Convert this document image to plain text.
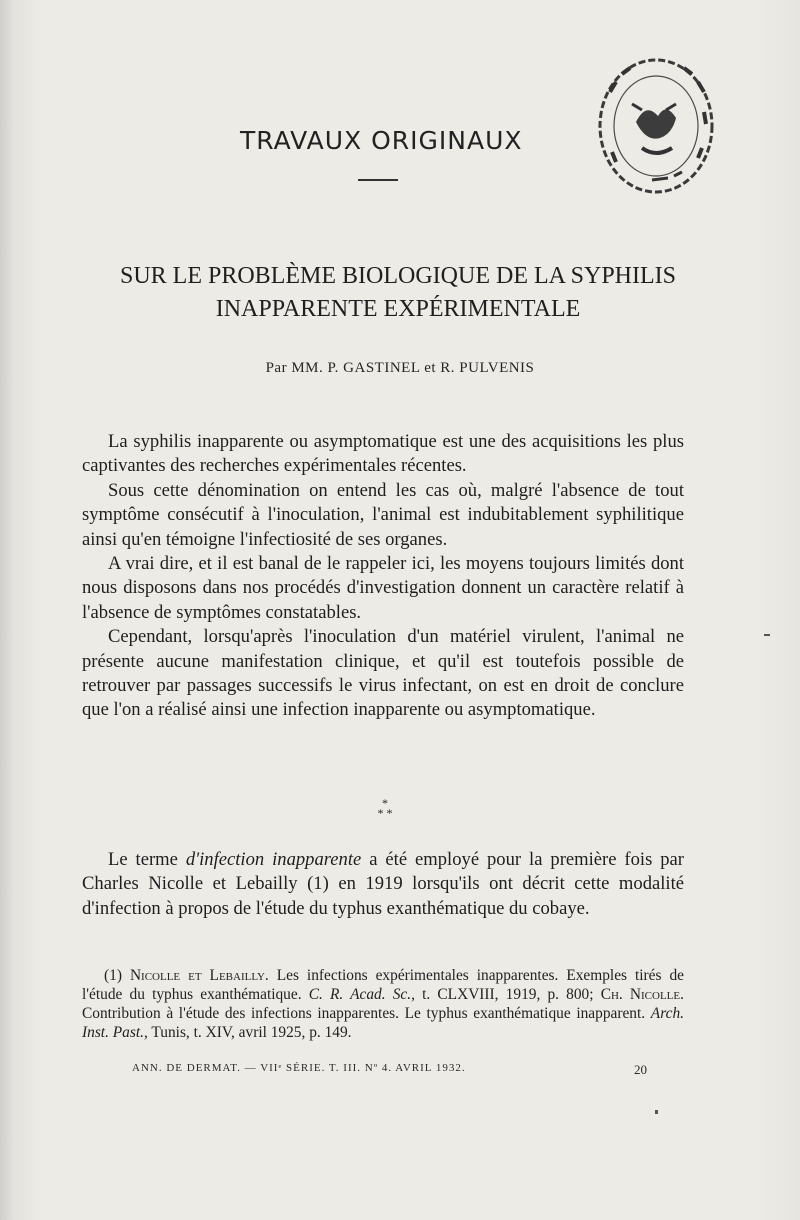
TRAVAUX ORIGINAUX
SUR LE PROBLÈME BIOLOGIQUE DE LA SYPHILIS
INAPPARENTE EXPÉRIMENTALE
Par MM. P. GASTINEL et R. PULVENIS

La syphilis inapparente ou asymptomatique est une des acquisitions les plus captivantes des recherches expérimentales récentes.

Sous cette dénomination on entend les cas où, malgré l'absence de tout symptôme consécutif à l'inoculation, l'animal est indubitablement syphilitique ainsi qu'en témoigne l'infectiosité de ses organes.

A vrai dire, et il est banal de le rappeler ici, les moyens toujours limités dont nous disposons dans nos procédés d'investigation donnent un caractère relatif à l'absence de symptômes constatables.

Cependant, lorsqu'après l'inoculation d'un matériel virulent, l'animal ne présente aucune manifestation clinique, et qu'il est toutefois possible de retrouver par passages successifs le virus infectant, on est en droit de conclure que l'on a réalisé ainsi une infection inapparente ou asymptomatique.

*
* *

Le terme d'infection inapparente a été employé pour la première fois par Charles Nicolle et Lebailly (1) en 1919 lorsqu'ils ont décrit cette modalité d'infection à propos de l'étude du typhus exanthématique du cobaye.

(1) Nicolle et Lebailly. Les infections expérimentales inapparentes. Exemples tirés de l'étude du typhus exanthématique. C. R. Acad. Sc., t. CLXVIII, 1919, p. 800; Ch. Nicolle. Contribution à l'étude des infections inapparentes. Le typhus exanthématique inapparent. Arch. Inst. Past., Tunis, t. XIV, avril 1925, p. 149.

ANN. DE DERMAT. — VIIᵉ SÉRIE. T. III. Nº 4. AVRIL 1932.	20
